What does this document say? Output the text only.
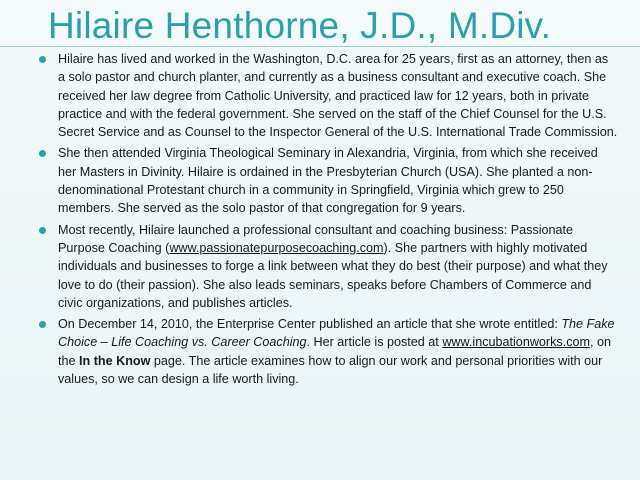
Hilaire Henthorne, J.D., M.Div.
Hilaire has lived and worked in the Washington, D.C. area for 25 years, first as an attorney, then as a solo pastor and church planter, and currently as a business consultant and executive coach. She received her law degree from Catholic University, and practiced law for 12 years, both in private practice and with the federal government. She served on the staff of the Chief Counsel for the U.S. Secret Service and as Counsel to the Inspector General of the U.S. International Trade Commission.
She then attended Virginia Theological Seminary in Alexandria, Virginia, from which she received her Masters in Divinity. Hilaire is ordained in the Presbyterian Church (USA). She planted a non-denominational Protestant church in a community in Springfield, Virginia which grew to 250 members. She served as the solo pastor of that congregation for 9 years.
Most recently, Hilaire launched a professional consultant and coaching business: Passionate Purpose Coaching (www.passionatepurposecoaching.com). She partners with highly motivated individuals and businesses to forge a link between what they do best (their purpose) and what they love to do (their passion). She also leads seminars, speaks before Chambers of Commerce and civic organizations, and publishes articles.
On December 14, 2010, the Enterprise Center published an article that she wrote entitled: The Fake Choice – Life Coaching vs. Career Coaching. Her article is posted at www.incubationworks.com, on the In the Know page. The article examines how to align our work and personal priorities with our values, so we can design a life worth living.
